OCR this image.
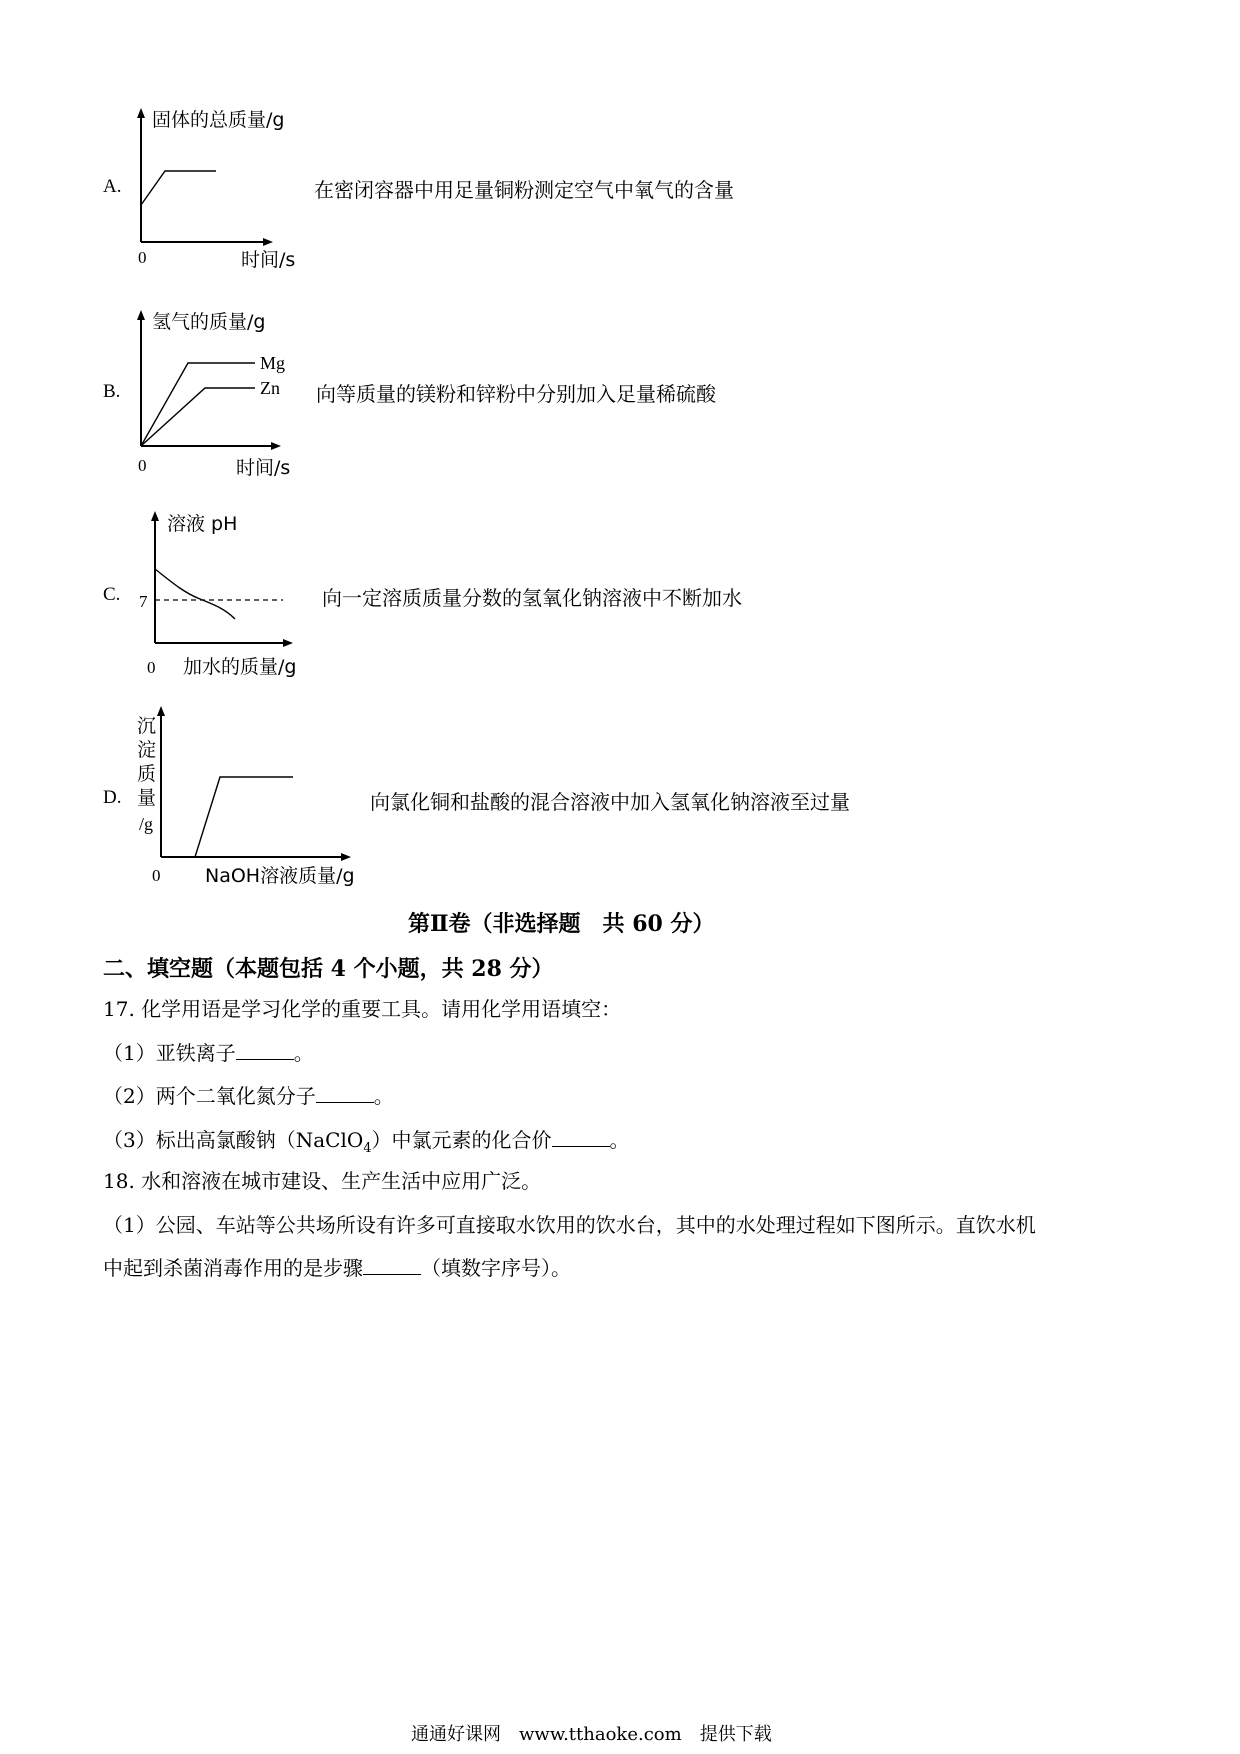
A.
固体的总质量/g
0	时间/s
在密闭容器中用足量铜粉测定空气中氧气的含量
B.
氢气的质量/g
Mg
Zn
0	时间/s
向等质量的镁粉和锌粉中分别加入足量稀硫酸
C.
溶液 pH
7
0 加水的质量/g
向一定溶质质量分数的氢氧化钠溶液中不断加水
D.
沉
淀
质
量
/g
0 NaOH溶液质量/g
向氯化铜和盐酸的混合溶液中加入氢氧化钠溶液至过量
第Ⅱ卷（非选择题　共 60 分）
二、填空题（本题包括 4 个小题，共 28 分）
17. 化学用语是学习化学的重要工具。请用化学用语填空：
（1）亚铁离子	。
（2）两个二氧化氮分子	。
（3）标出高氯酸钠（NaClO$_4$）中氯元素的化合价	。
18. 水和溶液在城市建设、生产生活中应用广泛。
（1）公园、车站等公共场所设有许多可直接取水饮用的饮水台，其中的水处理过程如下图所示。直饮水机
中起到杀菌消毒作用的是步骤	（填数字序号）。
通通好课网　www.tthaoke.com　提供下载
